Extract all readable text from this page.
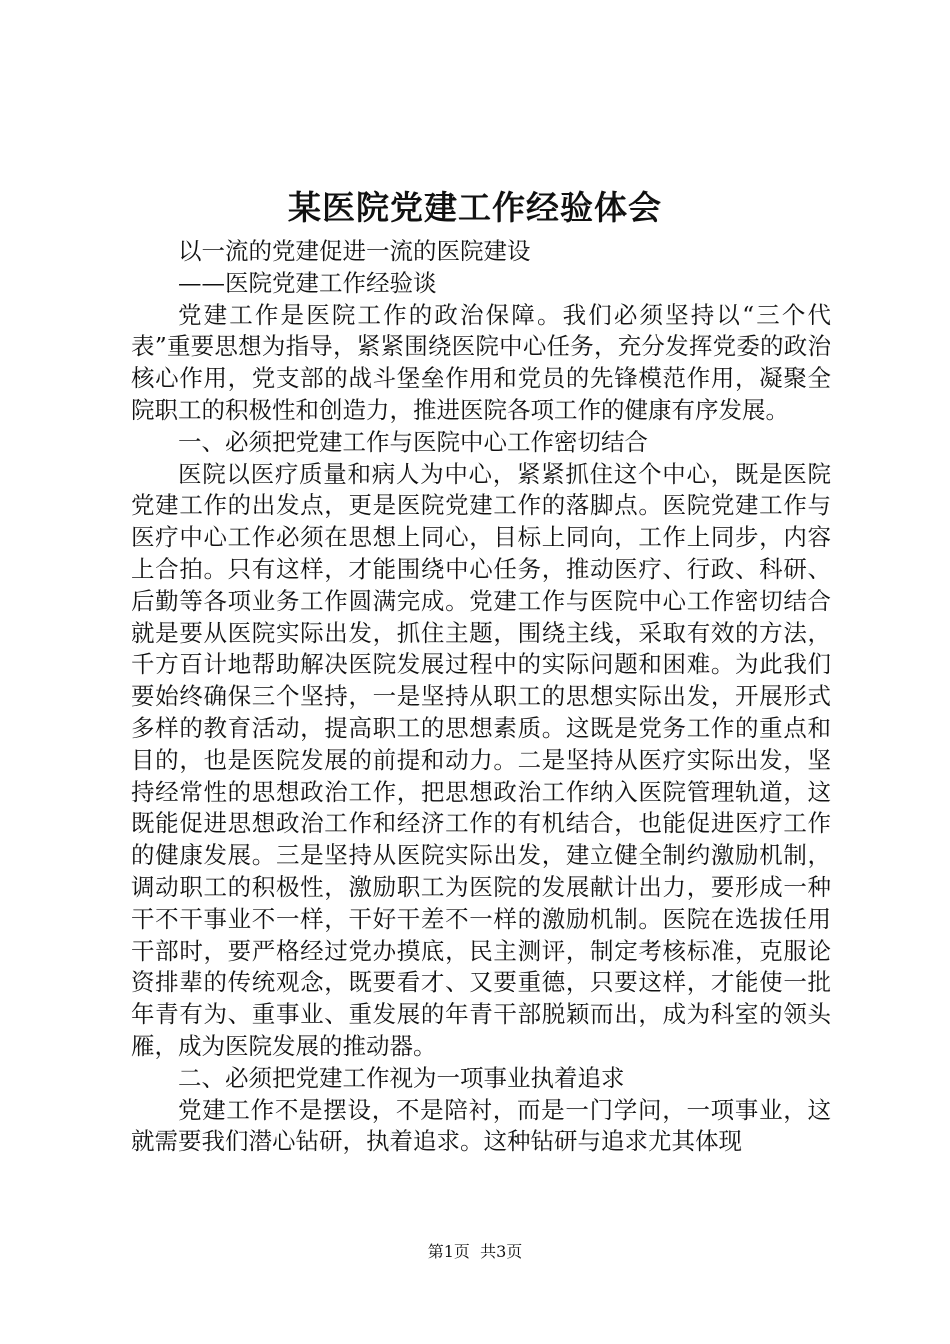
某医院党建工作经验体会

以一流的党建促进一流的医院建设

——医院党建工作经验谈

党建工作是医院工作的政治保障。我们必须坚持以“三个代表”重要思想为指导，紧紧围绕医院中心任务，充分发挥党委的政治核心作用，党支部的战斗堡垒作用和党员的先锋模范作用，凝聚全院职工的积极性和创造力，推进医院各项工作的健康有序发展。

一、必须把党建工作与医院中心工作密切结合

医院以医疗质量和病人为中心，紧紧抓住这个中心，既是医院党建工作的出发点，更是医院党建工作的落脚点。医院党建工作与医疗中心工作必须在思想上同心，目标上同向，工作上同步，内容上合拍。只有这样，才能围绕中心任务，推动医疗、行政、科研、后勤等各项业务工作圆满完成。党建工作与医院中心工作密切结合就是要从医院实际出发，抓住主题，围绕主线，采取有效的方法，千方百计地帮助解决医院发展过程中的实际问题和困难。为此我们要始终确保三个坚持，一是坚持从职工的思想实际出发，开展形式多样的教育活动，提高职工的思想素质。这既是党务工作的重点和目的，也是医院发展的前提和动力。二是坚持从医疗实际出发，坚持经常性的思想政治工作，把思想政治工作纳入医院管理轨道，这既能促进思想政治工作和经济工作的有机结合，也能促进医疗工作的健康发展。三是坚持从医院实际出发，建立健全制约激励机制，调动职工的积极性，激励职工为医院的发展献计出力，要形成一种干不干事业不一样，干好干差不一样的激励机制。医院在选拔任用干部时，要严格经过党办摸底，民主测评，制定考核标准，克服论资排辈的传统观念，既要看才、又要重德，只要这样，才能使一批年青有为、重事业、重发展的年青干部脱颖而出，成为科室的领头雁，成为医院发展的推动器。

二、必须把党建工作视为一项事业执着追求

党建工作不是摆设，不是陪衬，而是一门学问，一项事业，这就需要我们潜心钻研，执着追求。这种钻研与追求尤其体现

第1页 共3页
